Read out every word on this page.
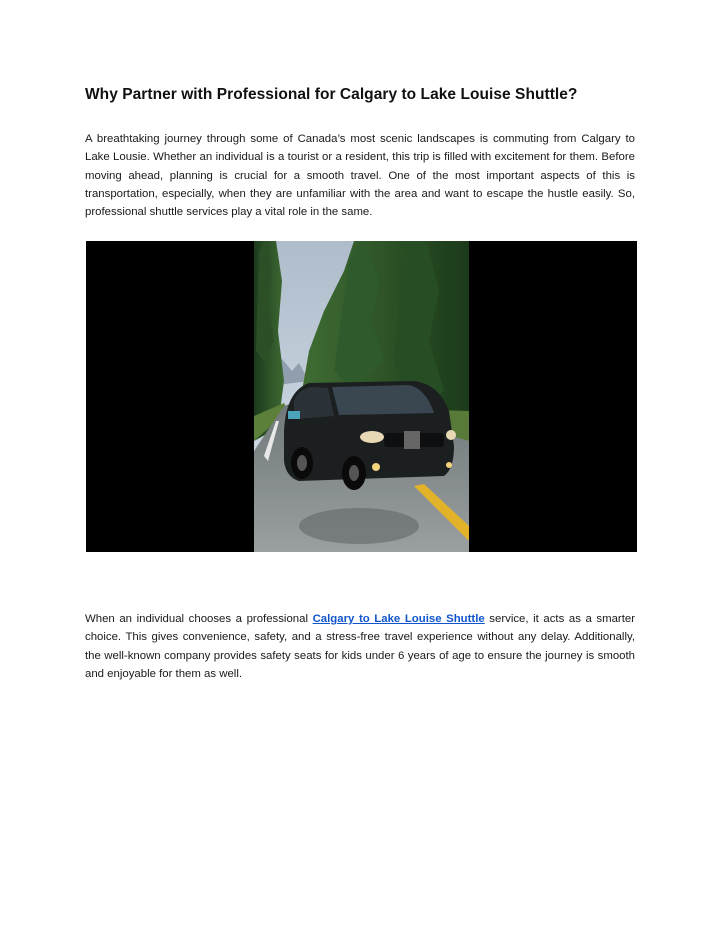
Why Partner with Professional for Calgary to Lake Louise Shuttle?

A breathtaking journey through some of Canada’s most scenic landscapes is commuting from Calgary to Lake Lousie. Whether an individual is a tourist or a resident, this trip is filled with excitement for them. Before moving ahead, planning is crucial for a smooth travel. One of the most important aspects of this is transportation, especially, when they are unfamiliar with the area and want to escape the hustle easily. So, professional shuttle services play a vital role in the same.

When an individual chooses a professional Calgary to Lake Louise Shuttle service, it acts as a smarter choice. This gives convenience, safety, and a stress-free travel experience without any delay. Additionally, the well-known company provides safety seats for kids under 6 years of age to ensure the journey is smooth and enjoyable for them as well.
